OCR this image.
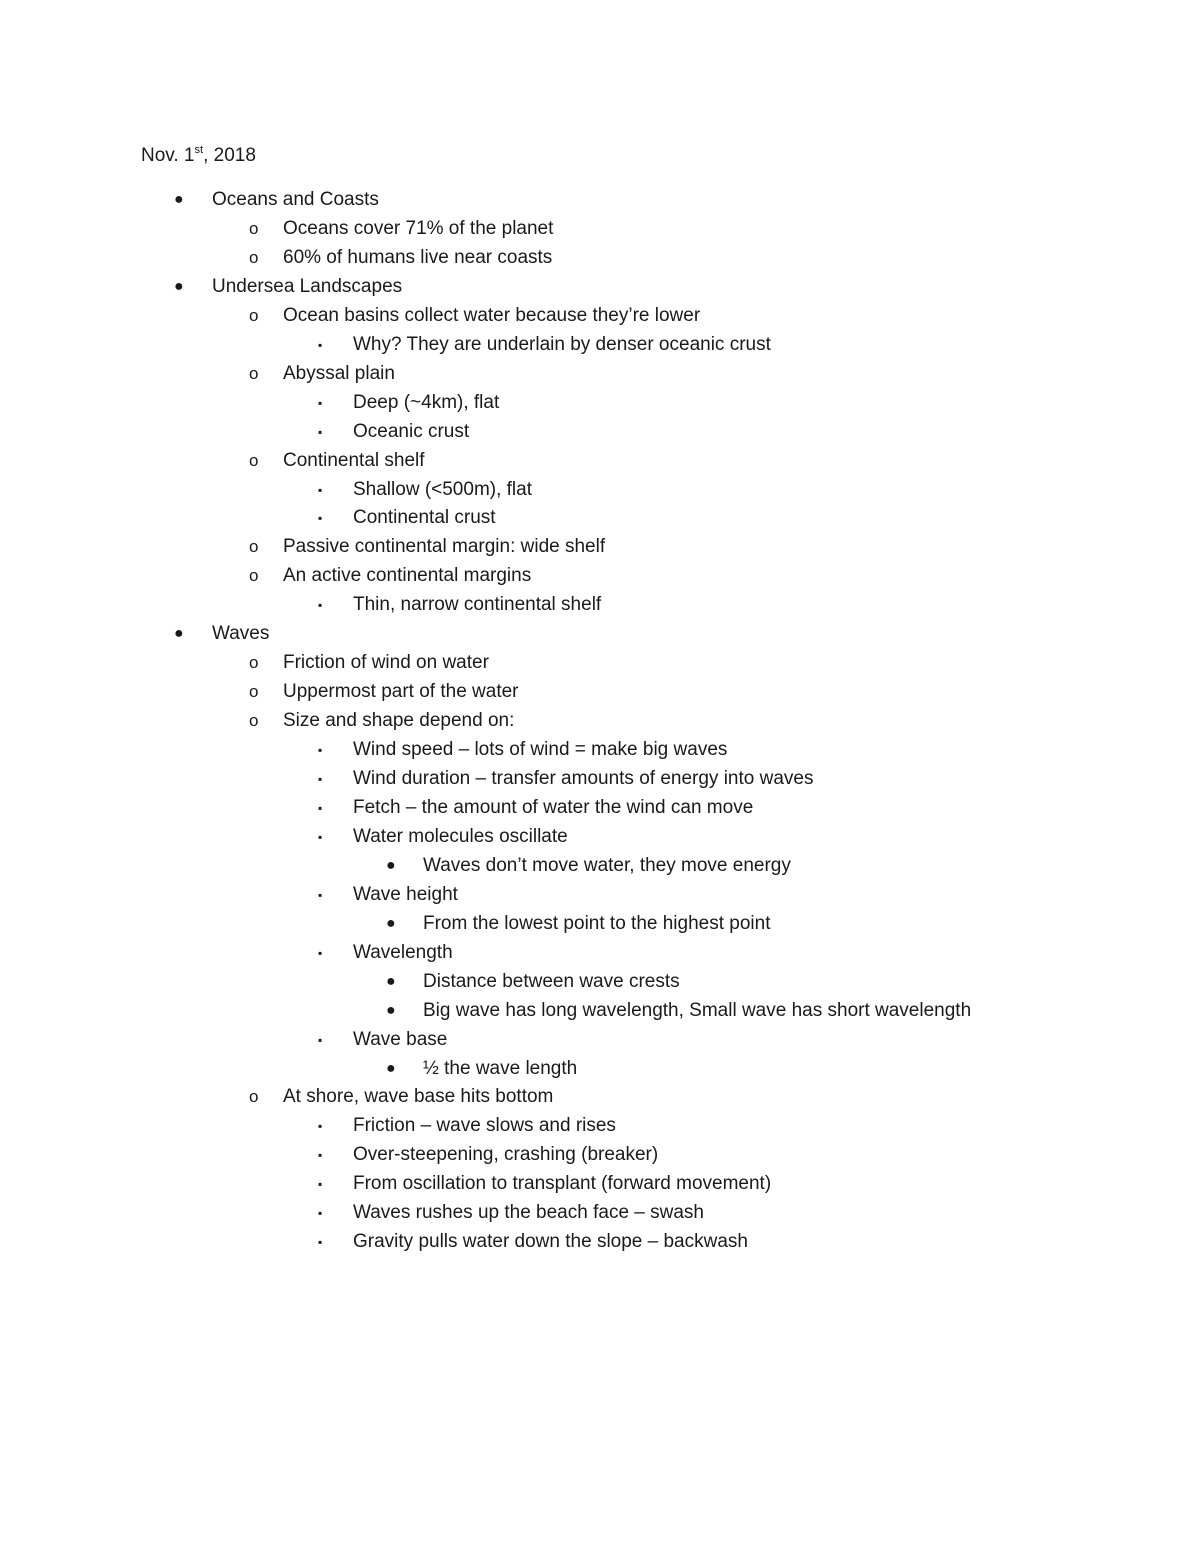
Nov. 1st, 2018
● Oceans and Coasts
o Oceans cover 71% of the planet
o 60% of humans live near coasts
● Undersea Landscapes
o Ocean basins collect water because they’re lower
▪ Why? They are underlain by denser oceanic crust
o Abyssal plain
▪ Deep (~4km), flat
▪ Oceanic crust
o Continental shelf
▪ Shallow (<500m), flat
▪ Continental crust
o Passive continental margin: wide shelf
o An active continental margins
▪ Thin, narrow continental shelf
● Waves
o Friction of wind on water
o Uppermost part of the water
o Size and shape depend on:
▪ Wind speed – lots of wind = make big waves
▪ Wind duration – transfer amounts of energy into waves
▪ Fetch – the amount of water the wind can move
▪ Water molecules oscillate
● Waves don’t move water, they move energy
▪ Wave height
● From the lowest point to the highest point
▪ Wavelength
● Distance between wave crests
● Big wave has long wavelength, Small wave has short wavelength
▪ Wave base
● ½ the wave length
o At shore, wave base hits bottom
▪ Friction – wave slows and rises
▪ Over-steepening, crashing (breaker)
▪ From oscillation to transplant (forward movement)
▪ Waves rushes up the beach face – swash
▪ Gravity pulls water down the slope – backwash
